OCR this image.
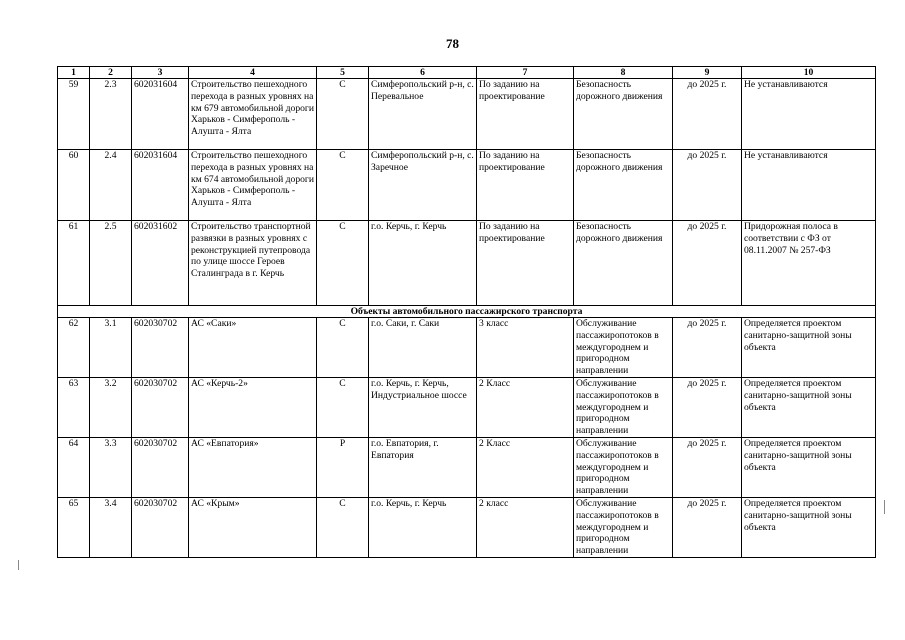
78
1	2	3	4	5	6	7	8	9	10
59	2.3	602031604	Строительство пешеходного перехода в разных уровнях на км 679 автомобильной дороги Харьков - Симферополь - Алушта - Ялта	С	Симферопольский р-н, с. Перевальное	По заданию на проектирование	Безопасность дорожного движения	до 2025 г.	Не устанавливаются
60	2.4	602031604	Строительство пешеходного перехода в разных уровнях на км 674 автомобильной дороги Харьков - Симферополь - Алушта - Ялта	С	Симферопольский р-н, с. Заречное	По заданию на проектирование	Безопасность дорожного движения	до 2025 г.	Не устанавливаются
61	2.5	602031602	Строительство транспортной развязки в разных уровнях с реконструкцией путепровода по улице шоссе Героев Сталинграда в г. Керчь	С	г.о. Керчь, г. Керчь	По заданию на проектирование	Безопасность дорожного движения	до 2025 г.	Придорожная полоса в соответствии с ФЗ от 08.11.2007 № 257-ФЗ
Объекты автомобильного пассажирского транспорта									
62	3.1	602030702	АС «Саки»	С	г.о. Саки, г. Саки	3 класс	Обслуживание пассажиропотоков в междугороднем и пригородном направлении	до 2025 г.	Определяется проектом санитарно-защитной зоны объекта
63	3.2	602030702	АС «Керчь-2»	С	г.о. Керчь, г. Керчь, Индустриальное шоссе	2 Класс	Обслуживание пассажиропотоков в междугороднем и пригородном направлении	до 2025 г.	Определяется проектом санитарно-защитной зоны объекта
64	3.3	602030702	АС «Евпатория»	Р	г.о. Евпатория, г. Евпатория	2 Класс	Обслуживание пассажиропотоков в междугороднем и пригородном направлении	до 2025 г.	Определяется проектом санитарно-защитной зоны объекта
65	3.4	602030702	АС «Крым»	С	г.о. Керчь, г. Керчь	2 класс	Обслуживание пассажиропотоков в междугороднем и пригородном направлении	до 2025 г.	Определяется проектом санитарно-защитной зоны объекта
